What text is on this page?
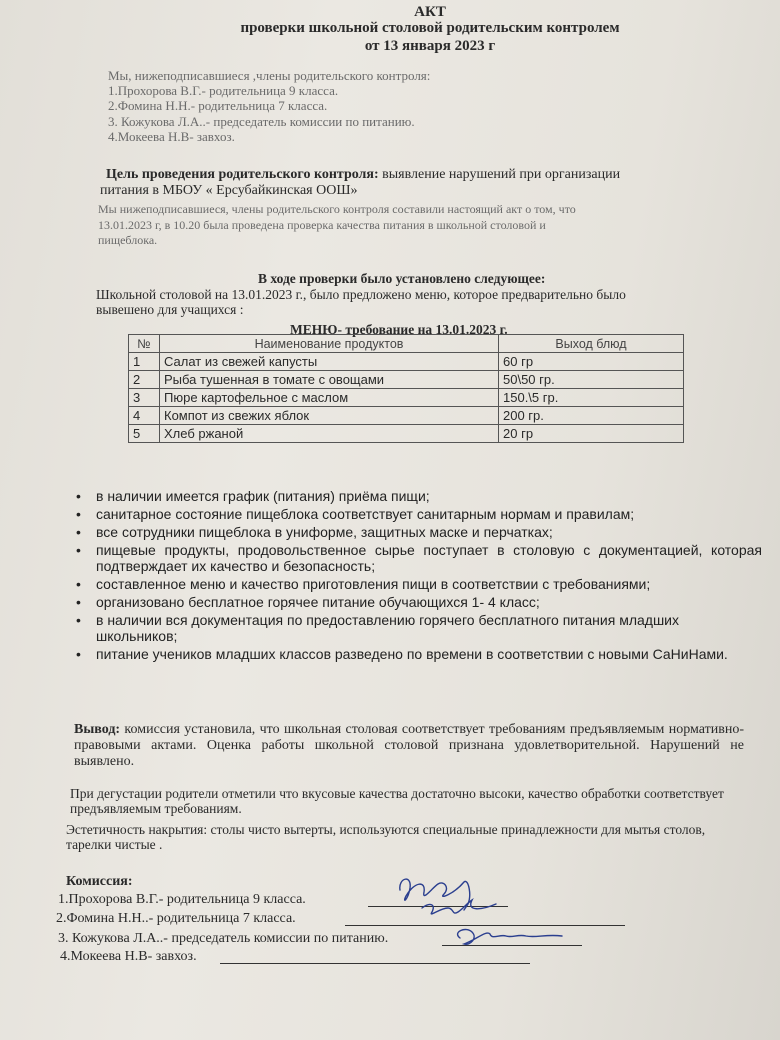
АКТ
проверки школьной столовой родительским контролем
от 13 января 2023 г
Мы, нижеподписавшиеся ,члены родительского контроля:
1.Прохорова В.Г.- родительница 9 класса.
2.Фомина Н.Н.- родительница 7 класса.
3. Кожукова Л.А..- председатель комиссии по питанию.
4.Мокеева Н.В- завхоз.
Цель проведения родительского контроля: выявление нарушений при организации
питания в МБОУ « Ерсубайкинская ООШ»
Мы нижеподписавшиеся, члены родительского контроля составили настоящий акт о том, что
13.01.2023 г, в 10.20 была проведена проверка качества питания в школьной столовой и
пищеблока.
В ходе проверки было установлено следующее:
Школьной столовой на 13.01.2023 г., было предложено меню, которое предварительно было
вывешено для учащихся :
МЕНЮ- требование на 13.01.2023 г.
№	Наименование продуктов	Выход блюд
1	Салат из свежей капусты	60 гр
2	Рыба тушенная в томате с овощами	50\50 гр.
3	Пюре картофельное с маслом	150.\5 гр.
4	Компот из свежих яблок	200 гр.
5	Хлеб ржаной	20 гр
• в наличии имеется график (питания) приёма пищи;
• санитарное состояние пищеблока соответствует санитарным нормам и правилам;
• все сотрудники пищеблока в униформе, защитных маске и перчатках;
• пищевые продукты, продовольственное сырье поступает в столовую с документацией, которая подтверждает их качество и безопасность;
• составленное меню и качество приготовления пищи в соответствии с требованиями;
• организовано бесплатное горячее питание обучающихся 1- 4 класс;
• в наличии вся документация по предоставлению горячего бесплатного питания младших школьников;
• питание учеников младших классов разведено по времени в соответствии с новыми СаНиНами.
Вывод: комиссия установила, что школьная столовая соответствует требованиям предъявляемым нормативно-правовыми актами. Оценка работы школьной столовой признана удовлетворительной. Нарушений не выявлено.
При дегустации родители отметили что вкусовые качества достаточно высоки, качество обработки соответствует предъявляемым требованиям.
Эстетичность накрытия: столы чисто вытерты, используются специальные принадлежности для мытья столов, тарелки чистые .
Комиссия:
1.Прохорова В.Г.- родительница 9 класса.
2.Фомина Н.Н..- родительница 7 класса.
3. Кожукова Л.А..- председатель комиссии по питанию.
4.Мокеева Н.В- завхоз.
